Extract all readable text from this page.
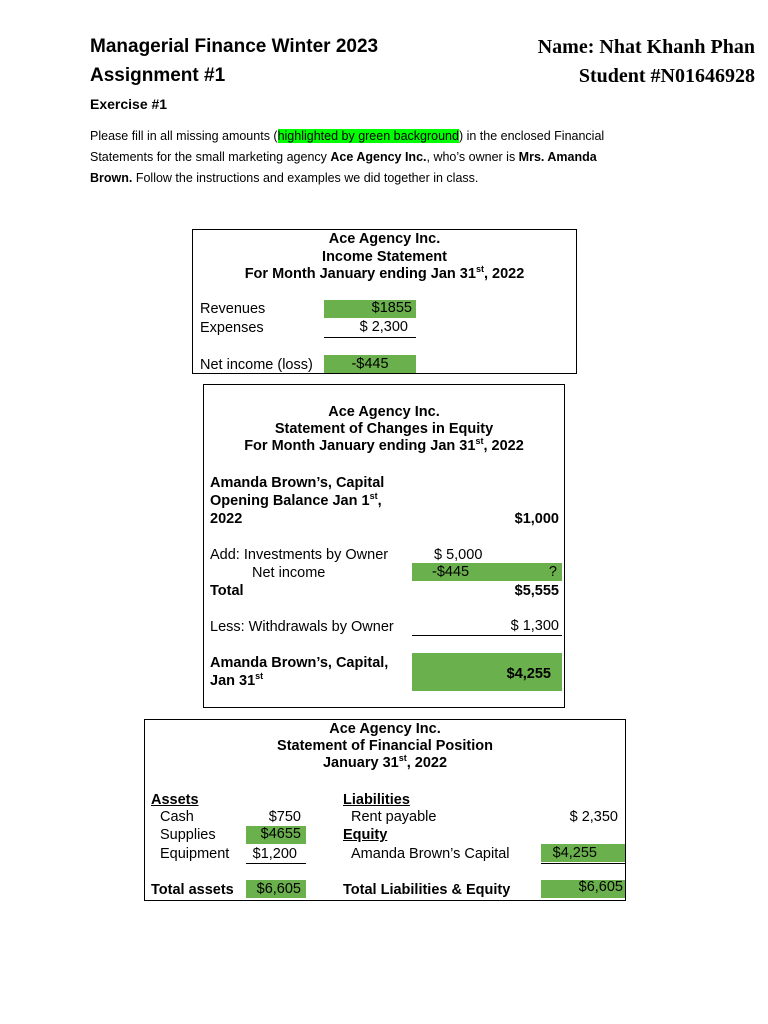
Managerial Finance Winter 2023
Assignment #1
Exercise #1
Name: Nhat Khanh Phan
Student #N01646928
Please fill in all missing amounts (highlighted by green background) in the enclosed Financial
Statements for the small marketing agency Ace Agency Inc., who’s owner is Mrs. Amanda
Brown. Follow the instructions and examples we did together in class.
Ace Agency Inc.
Income Statement
For Month January ending Jan 31st, 2022
Revenues	$1855
Expenses	$ 2,300
Net income (loss)	-$445
Ace Agency Inc.
Statement of Changes in Equity
For Month January ending Jan 31st, 2022
Amanda Brown’s, Capital
Opening Balance Jan 1st,
2022	$1,000
Add: Investments by Owner	$ 5,000
Net income	-$445	?
Total	$5,555
Less: Withdrawals by Owner	$ 1,300
Amanda Brown’s, Capital,
Jan 31st	$4,255
Ace Agency Inc.
Statement of Financial Position
January 31st, 2022
Assets
Cash	$750
Supplies	$4655
Equipment	$1,200
Total assets	$6,605
Liabilities
Rent payable	$ 2,350
Equity
Amanda Brown’s Capital	$4,255
Total Liabilities & Equity	$6,605
